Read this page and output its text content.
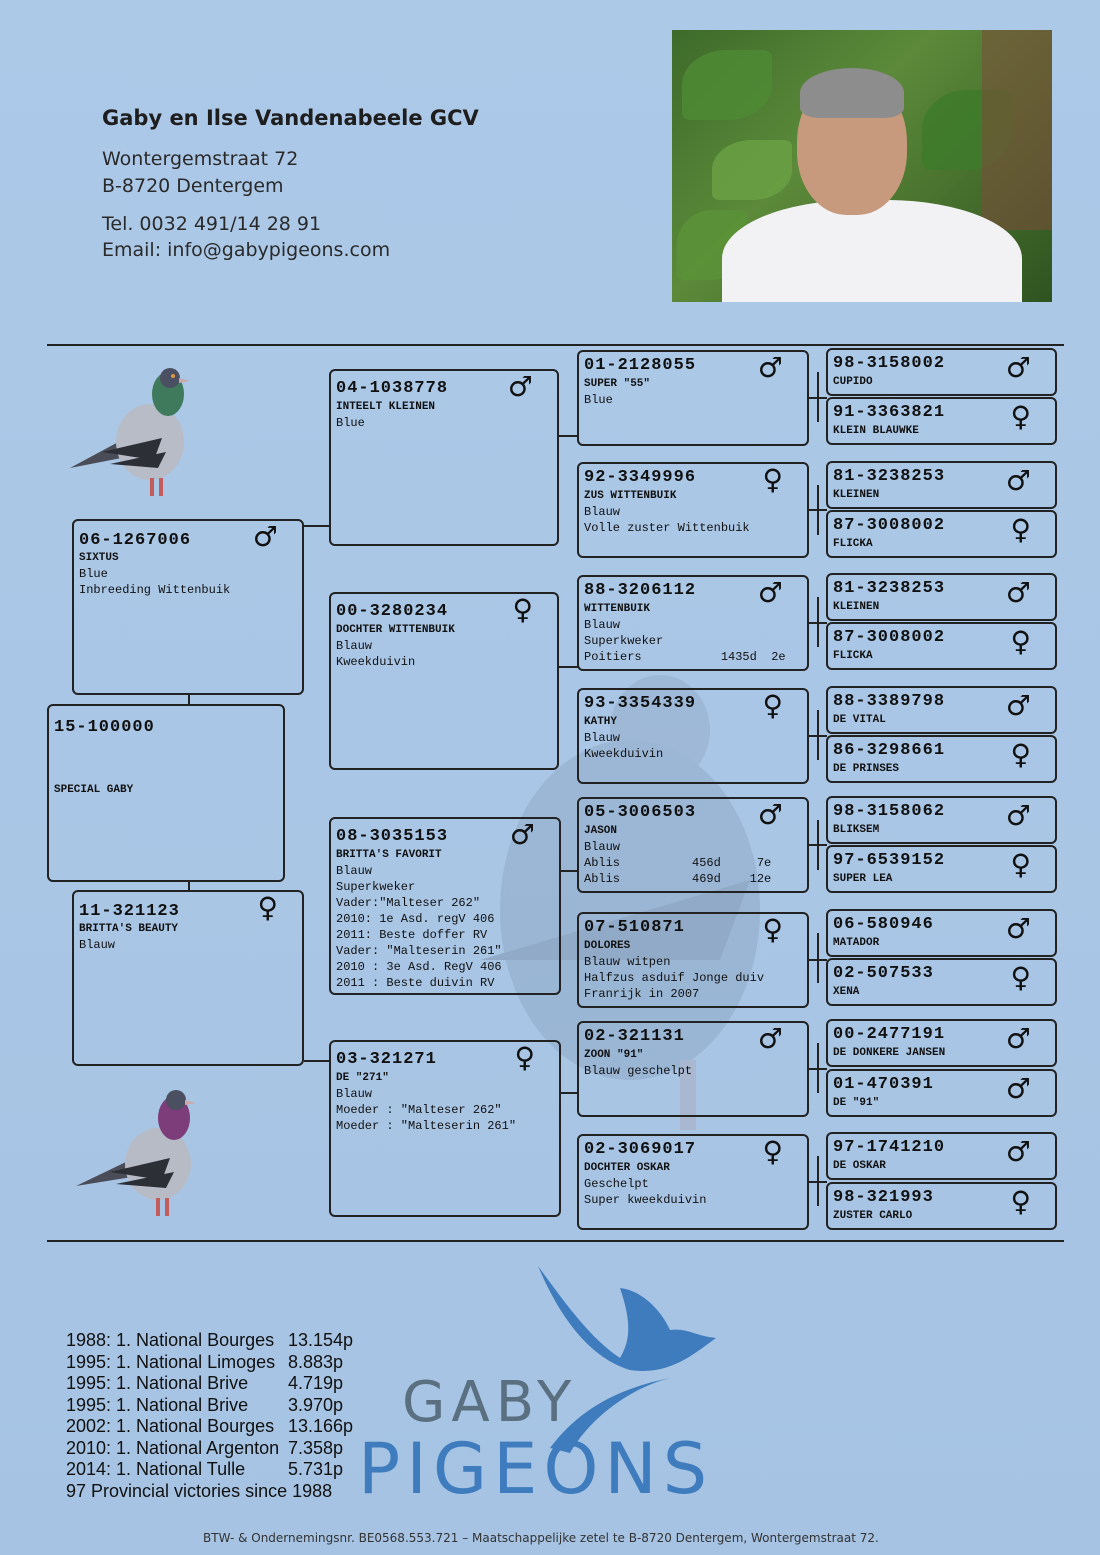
Gaby en Ilse Vandenabeele GCV
Wontergemstraat 72
B-8720 Dentergem
Tel. 0032 491/14 28 91
Email: info@gabypigeons.com
15-100000
SPECIAL GABY
06-1267006 ♂
SIXTUS
Blue
Inbreeding Wittenbuik
11-321123	♀
BRITTA'S BEAUTY
Blauw
04-1038778 ♂
INTEELT KLEINEN
Blue
00-3280234 ♀
DOCHTER WITTENBUIK
Blauw
Kweekduivin
08-3035153 ♂
BRITTA'S FAVORIT
Blauw
Superkweker
Vader:"Malteser 262"
2010: 1e Asd. regV 406
2011: Beste doffer RV
Vader: "Malteserin 261"
2010 : 3e Asd. RegV 406
2011 : Beste duivin RV
03-321271	♀
DE "271"
Blauw
Moeder : "Malteser 262"
Moeder : "Malteserin 261"
01-2128055 ♂
SUPER "55"
Blue
92-3349996 ♀
ZUS WITTENBUIK
Blauw
Volle zuster Wittenbuik
88-3206112 ♂
WITTENBUIK
Blauw
Superkweker
Poitiers           1435d  2e
93-3354339 ♀
KATHY
Blauw
Kweekduivin
05-3006503 ♂
JASON
Blauw
Ablis          456d     7e
Ablis          469d    12e
07-510871	♀
DOLORES
Blauw witpen
Halfzus asduif Jonge duiv
Franrijk in 2007
02-321131	♂
ZOON "91"
Blauw geschelpt
02-3069017 ♀
DOCHTER OSKAR
Geschelpt
Super kweekduivin
98-3158002 ♂
CUPIDO
91-3363821 ♀
KLEIN BLAUWKE
81-3238253 ♂
KLEINEN
87-3008002 ♀
FLICKA
81-3238253 ♂
KLEINEN
87-3008002 ♀
FLICKA
88-3389798 ♂
DE VITAL
86-3298661 ♀
DE PRINSES
98-3158062 ♂
BLIKSEM
97-6539152 ♀
SUPER LEA
06-580946	♂
MATADOR
02-507533	♀
XENA
00-2477191 ♂
DE DONKERE JANSEN
01-470391	♂
DE "91"
97-1741210 ♂
DE OSKAR
98-321993	♀
ZUSTER CARLO
1988: 1. National Bourges 13.154p
1995: 1. National Limoges 8.883p
1995: 1. National Brive 4.719p
1995: 1. National Brive 3.970p
2002: 1. National Bourges 13.166p
2010: 1. National Argenton 7.358p
2014: 1. National Tulle 5.731p
97 Provincial victories since 1988
GABY
PIGEONS
BTW- & Ondernemingsnr. BE0568.553.721 – Maatschappelijke zetel te B-8720 Dentergem, Wontergemstraat 72.
